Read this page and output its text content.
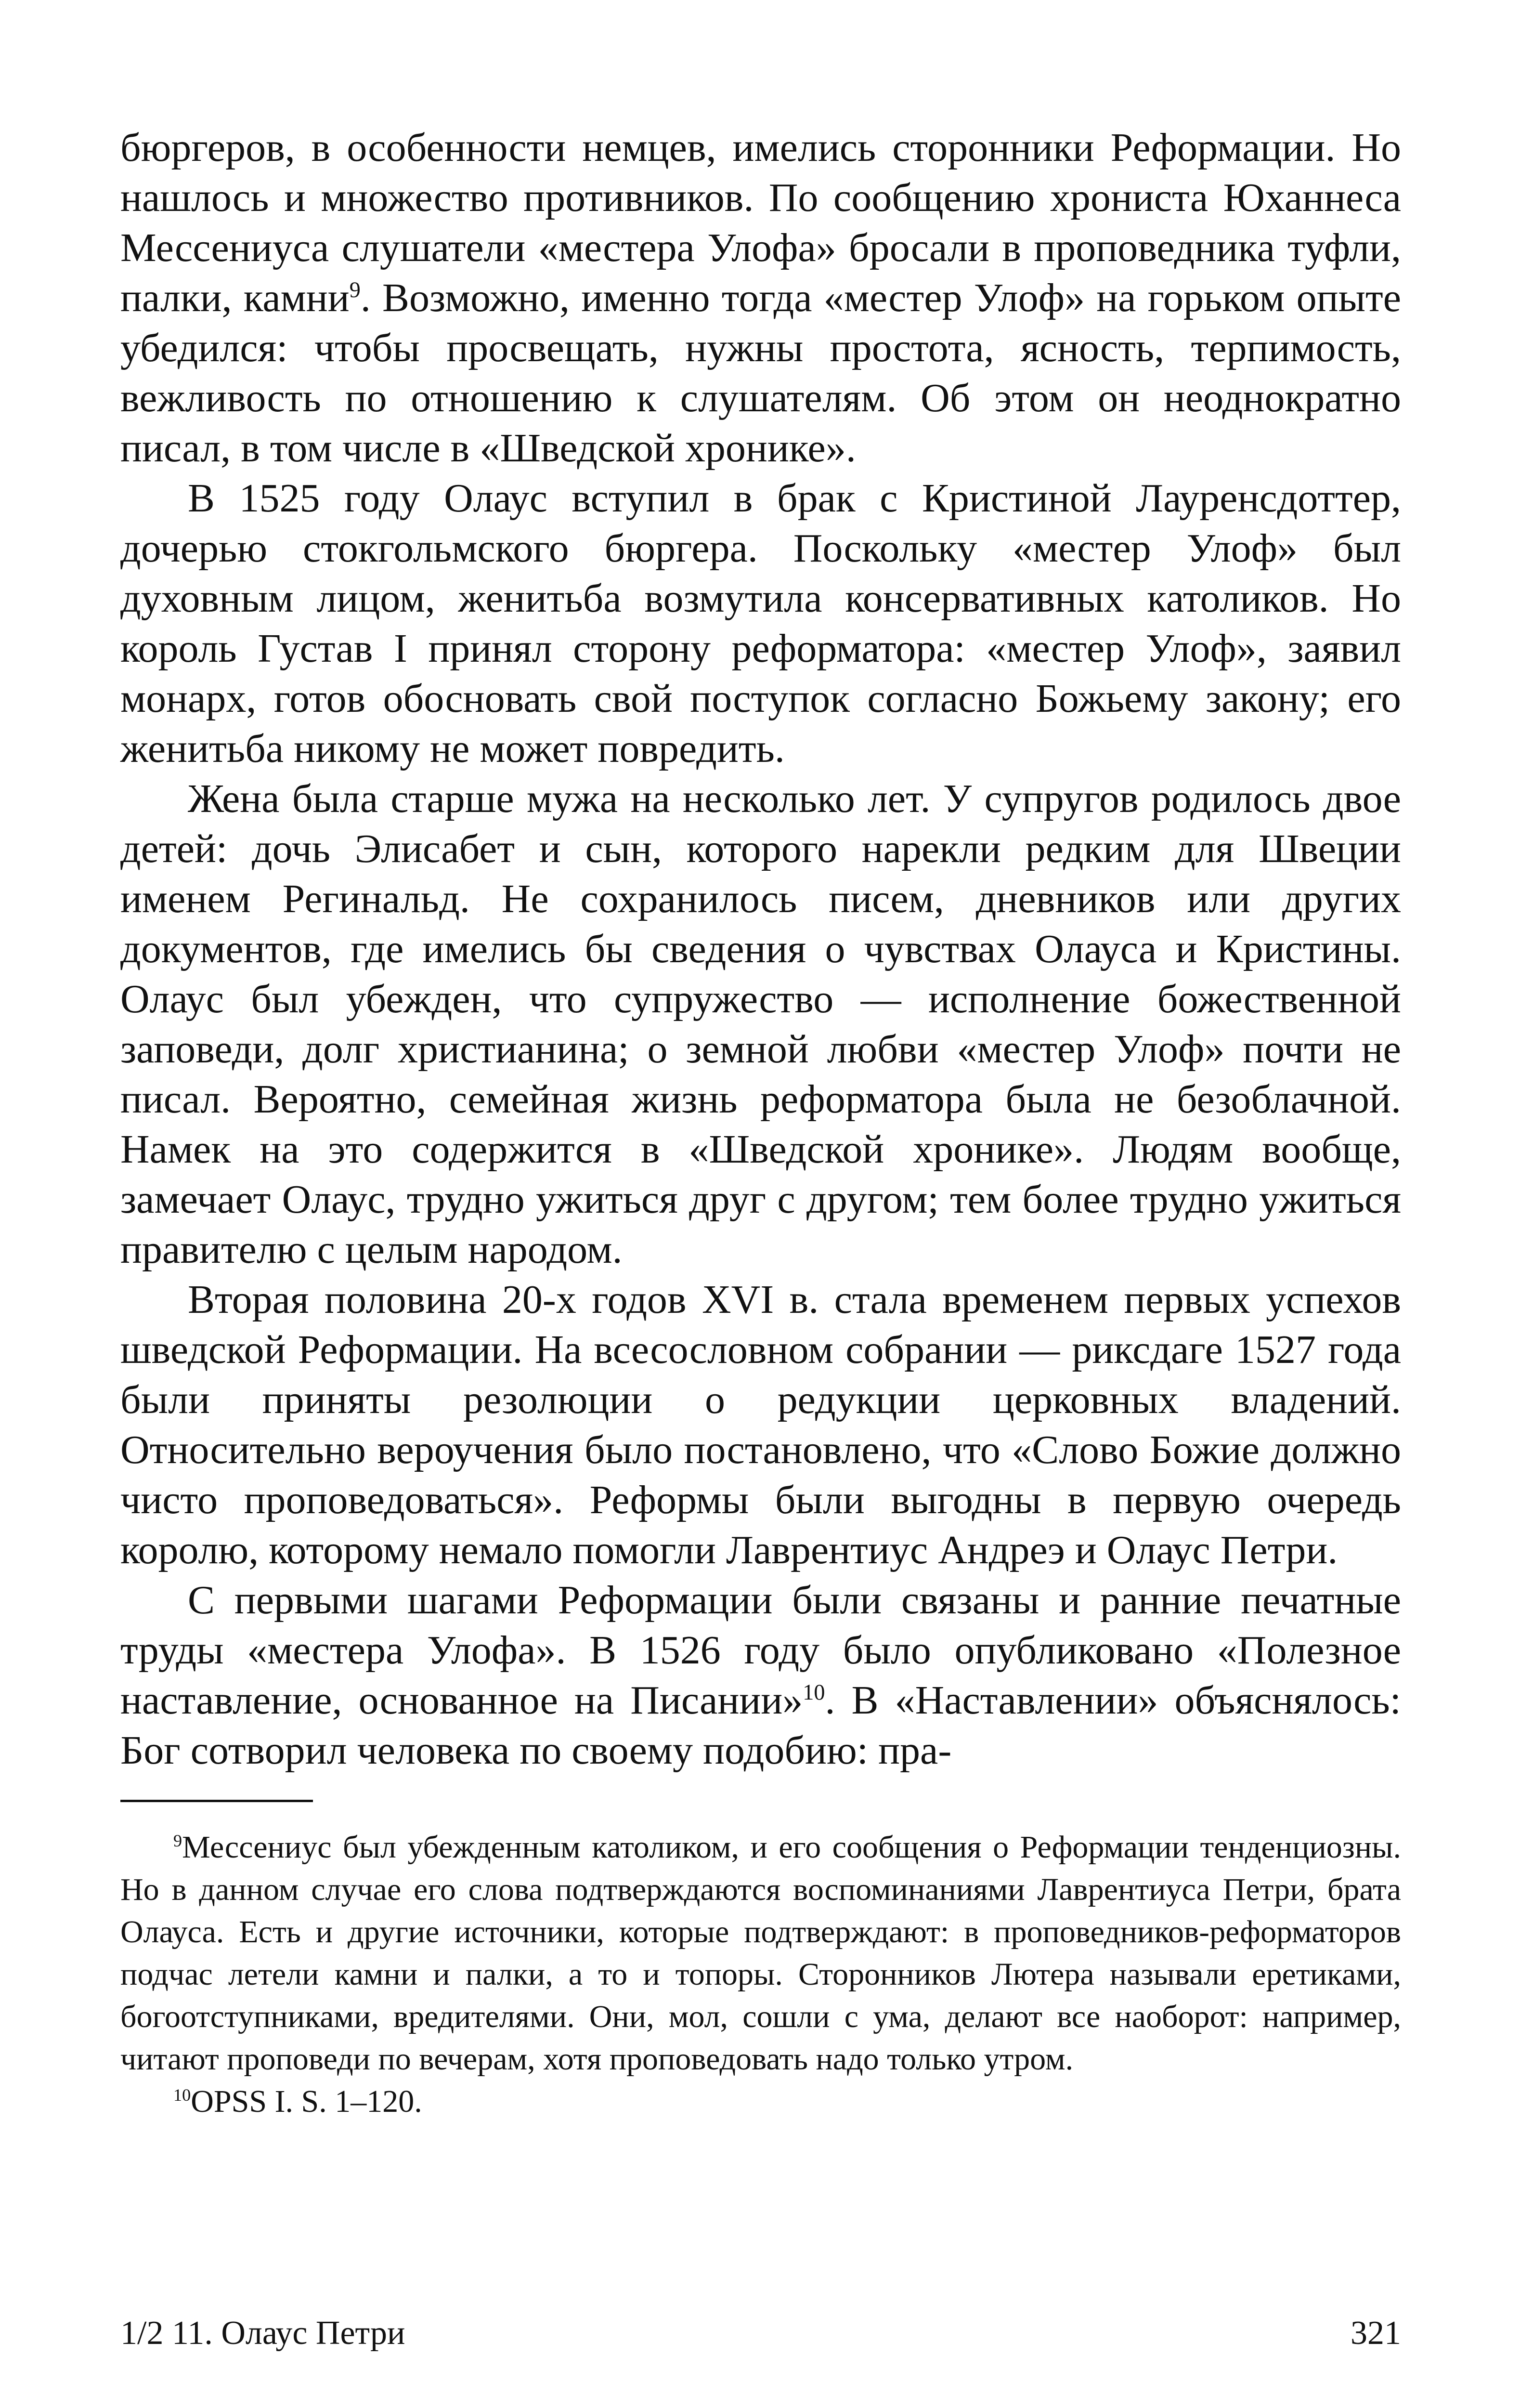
бюргеров, в особенности немцев, имелись сторонники Реформации. Но нашлось и множество противников. По сообщению хрониста Юханнеса Мессениуса слушатели «местера Улофа» бросали в проповедника туфли, палки, камни$^9$. Возможно, именно тогда «местер Улоф» на горьком опыте убедился: чтобы просвещать, нужны простота, ясность, терпимость, вежливость по отношению к слушателям. Об этом он неоднократно писал, в том числе в «Шведской хронике».

В 1525 году Олаус вступил в брак с Кристиной Лауренсдоттер, дочерью стокгольмского бюргера. Поскольку «местер Улоф» был духовным лицом, женитьба возмутила консервативных католиков. Но король Густав I принял сторону реформатора: «местер Улоф», заявил монарх, готов обосновать свой поступок согласно Божьему закону; его женитьба никому не может повредить.

Жена была старше мужа на несколько лет. У супругов родилось двое детей: дочь Элисабет и сын, которого нарекли редким для Швеции именем Регинальд. Не сохранилось писем, дневников или других документов, где имелись бы сведения о чувствах Олауса и Кристины. Олаус был убежден, что супружество — исполнение божественной заповеди, долг христианина; о земной любви «местер Улоф» почти не писал. Вероятно, семейная жизнь реформатора была не безоблачной. Намек на это содержится в «Шведской хронике». Людям вообще, замечает Олаус, трудно ужиться друг с другом; тем более трудно ужиться правителю с целым народом.

Вторая половина 20-х годов XVI в. стала временем первых успехов шведской Реформации. На всесословном собрании — риксдаге 1527 года были приняты резолюции о редукции церковных владений. Относительно вероучения было постановлено, что «Слово Божие должно чисто проповедоваться». Реформы были выгодны в первую очередь королю, которому немало помогли Лаврентиус Андреэ и Олаус Петри.

С первыми шагами Реформации были связаны и ранние печатные труды «местера Улофа». В 1526 году было опубликовано «Полезное наставление, основанное на Писании»$^{10}$. В «Наставлении» объяснялось: Бог сотворил человека по своему подобию: пра-

$^9$Мессениус был убежденным католиком, и его сообщения о Реформации тенденциозны. Но в данном случае его слова подтверждаются воспоминаниями Лаврентиуса Петри, брата Олауса. Есть и другие источники, которые подтверждают: в проповедников-реформаторов подчас летели камни и палки, а то и топоры. Сторонников Лютера называли еретиками, богоотступниками, вредителями. Они, мол, сошли с ума, делают все наоборот: например, читают проповеди по вечерам, хотя проповедовать надо только утром.

$^{10}$OPSS I. S. 1–120.

1/2 11. Олаус Петри	321
